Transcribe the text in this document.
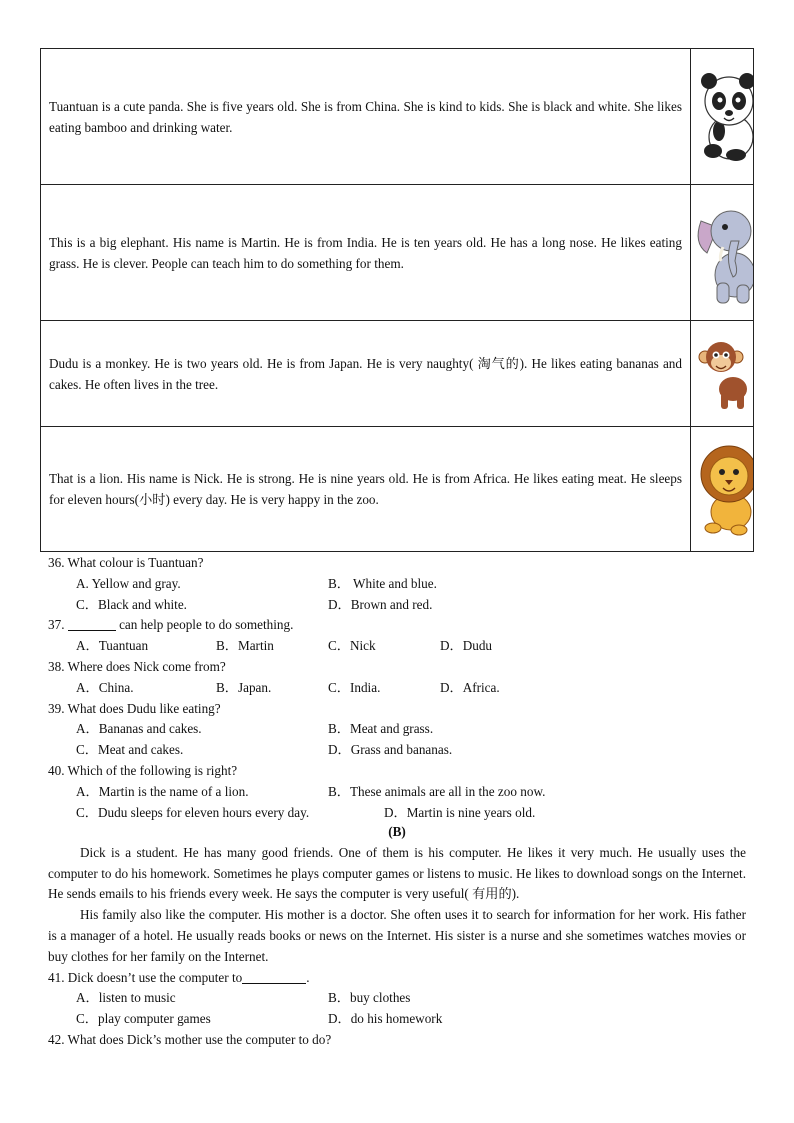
Tuantuan is a cute panda. She is five years old. She is from China. She is kind to kids. She is black and white. She likes eating bamboo and drinking water.	
This is a big elephant. His name is Martin. He is from India. He is ten years old. He has a long nose. He likes eating grass. He is clever. People can teach him to do something for them.	
Dudu is a monkey. He is two years old. He is from Japan. He is very naughty( 淘气的). He likes eating bananas and cakes. He often lives in the tree.	
That is a lion. His name is Nick. He is strong. He is nine years old. He is from Africa. He likes eating meat. He sleeps for eleven hours(小时) every day. He is very happy in the zoo.	
36. What colour is Tuantuan?
A. Yellow and gray.	B． White and blue.
C．Black and white.	D．Brown and red.
37.	can help people to do something.
A．Tuantuan	B．Martin	C．Nick	D．Dudu
38. Where does Nick come from?
A．China.	B．Japan.	C．India.	D．Africa.
39. What does Dudu like eating?
A．Bananas and cakes.	B．Meat and grass.
C．Meat and cakes.	D．Grass and bananas.
40. Which of the following is right?
A．Martin is the name of a lion.	B．These animals are all in the zoo now.
C．Dudu sleeps for eleven hours every day.	D．Martin is nine years old.
(B)

Dick is a student. He has many good friends. One of them is his computer. He likes it very much. He usually uses the computer to do his homework. Sometimes he plays computer games or listens to music. He likes to download songs on the Internet. He sends emails to his friends every week. He says the computer is very useful( 有用的).

His family also like the computer. His mother is a doctor. She often uses it to search for information for her work. His father is a manager of a hotel. He usually reads books or news on the Internet. His sister is a nurse and she sometimes watches movies or buy clothes for her family on the Internet.

41. Dick doesn’t use the computer to	.
A．listen to music	B．buy clothes
C．play computer games	D．do his homework
42. What does Dick’s mother use the computer to do?
